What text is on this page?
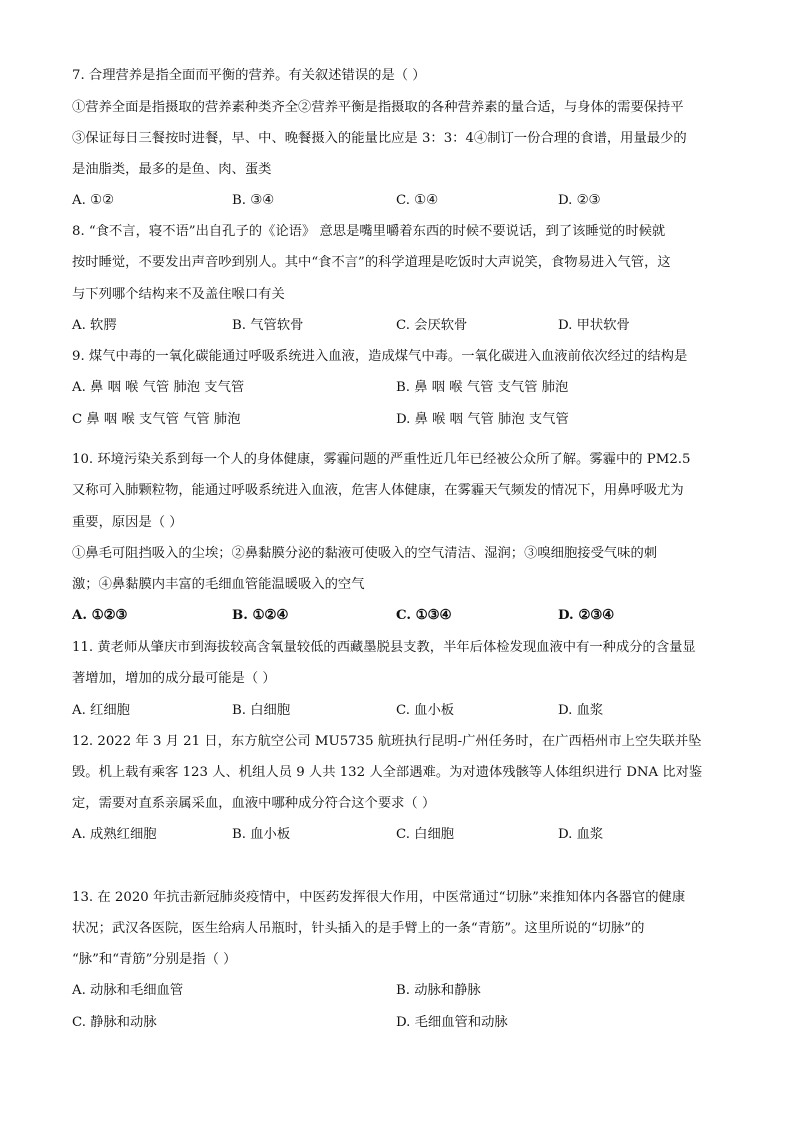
7. 合理营养是指全面而平衡的营养。有关叙述错误的是（ ）
①营养全面是指摄取的营养素种类齐全②营养平衡是指摄取的各种营养素的量合适，与身体的需要保持平
③保证每日三餐按时进餐，早、中、晚餐摄入的能量比应是 3：3：4④制订一份合理的食谱，用量最少的
是油脂类，最多的是鱼、肉、蛋类
A. ①②	B. ③④	C. ①④	D. ②③
8. “食不言，寝不语”出自孔子的《论语》 意思是嘴里嚼着东西的时候不要说话，到了该睡觉的时候就
按时睡觉，不要发出声音吵到别人。其中“食不言”的科学道理是吃饭时大声说笑，食物易进入气管，这
与下列哪个结构来不及盖住喉口有关
A. 软腭	B. 气管软骨	C. 会厌软骨	D. 甲状软骨
9. 煤气中毒的一氧化碳能通过呼吸系统进入血液，造成煤气中毒。一氧化碳进入血液前依次经过的结构是
A. 鼻 咽 喉 气管 肺泡 支气管	B. 鼻 咽 喉 气管 支气管 肺泡
C 鼻 咽 喉 支气管 气管 肺泡	D. 鼻 喉 咽 气管 肺泡 支气管
10. 环境污染关系到每一个人的身体健康，雾霾问题的严重性近几年已经被公众所了解。雾霾中的 PM2.5
又称可入肺颗粒物，能通过呼吸系统进入血液，危害人体健康，在雾霾天气频发的情况下，用鼻呼吸尤为
重要，原因是（ ）
①鼻毛可阻挡吸入的尘埃；②鼻黏膜分泌的黏液可使吸入的空气清洁、湿润；③嗅细胞接受气味的刺
激；④鼻黏膜内丰富的毛细血管能温暖吸入的空气
A. ①②③	B. ①②④	C. ①③④	D. ②③④
11. 黄老师从肇庆市到海拔较高含氧量较低的西藏墨脱县支教，半年后体检发现血液中有一种成分的含量显
著增加，增加的成分最可能是（ ）
A. 红细胞	B. 白细胞	C. 血小板	D. 血浆
12. 2022 年 3 月 21 日，东方航空公司 MU5735 航班执行昆明-广州任务时，在广西梧州市上空失联并坠
毁。机上载有乘客 123 人、机组人员 9 人共 132 人全部遇难。为对遗体残骸等人体组织进行 DNA 比对鉴
定，需要对直系亲属采血，血液中哪种成分符合这个要求（ ）
A. 成熟红细胞	B. 血小板	C. 白细胞	D. 血浆
13. 在 2020 年抗击新冠肺炎疫情中，中医药发挥很大作用，中医常通过“切脉”来推知体内各器官的健康
状况；武汉各医院，医生给病人吊瓶时，针头插入的是手臂上的一条“青筋”。这里所说的“切脉”的
“脉”和“青筋”分别是指（ ）
A. 动脉和毛细血管	B. 动脉和静脉
C. 静脉和动脉	D. 毛细血管和动脉
